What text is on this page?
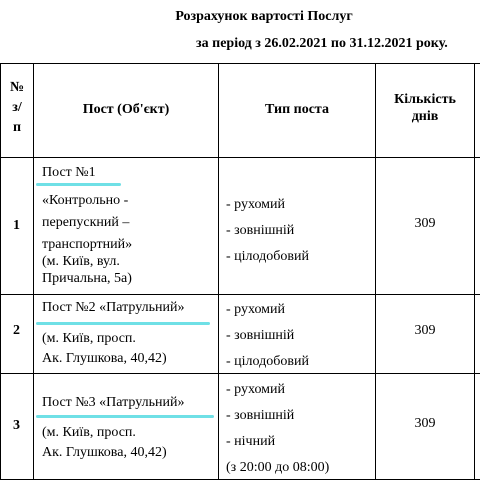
Розрахунок вартості Послуг
за період з 26.02.2021 по 31.12.2021 року.
№
з/
п
Пост (Об'єкт)	Тип поста
Кількість
днів
1
Пост №1
«Контрольно -
перепускний –
транспортний»
(м. Київ, вул.
Причальна, 5а)
- рухомий
- зовнішній
- цілодобовий
309
2
Пост №2 «Патрульний»
(м. Київ, просп.
Ак. Глушкова, 40,42)
- рухомий
- зовнішній
- цілодобовий
309
3
Пост №3 «Патрульний»
(м. Київ, просп.
Ак. Глушкова, 40,42)
- рухомий
- зовнішній
- нічний
(з 20:00 до 08:00)
309
